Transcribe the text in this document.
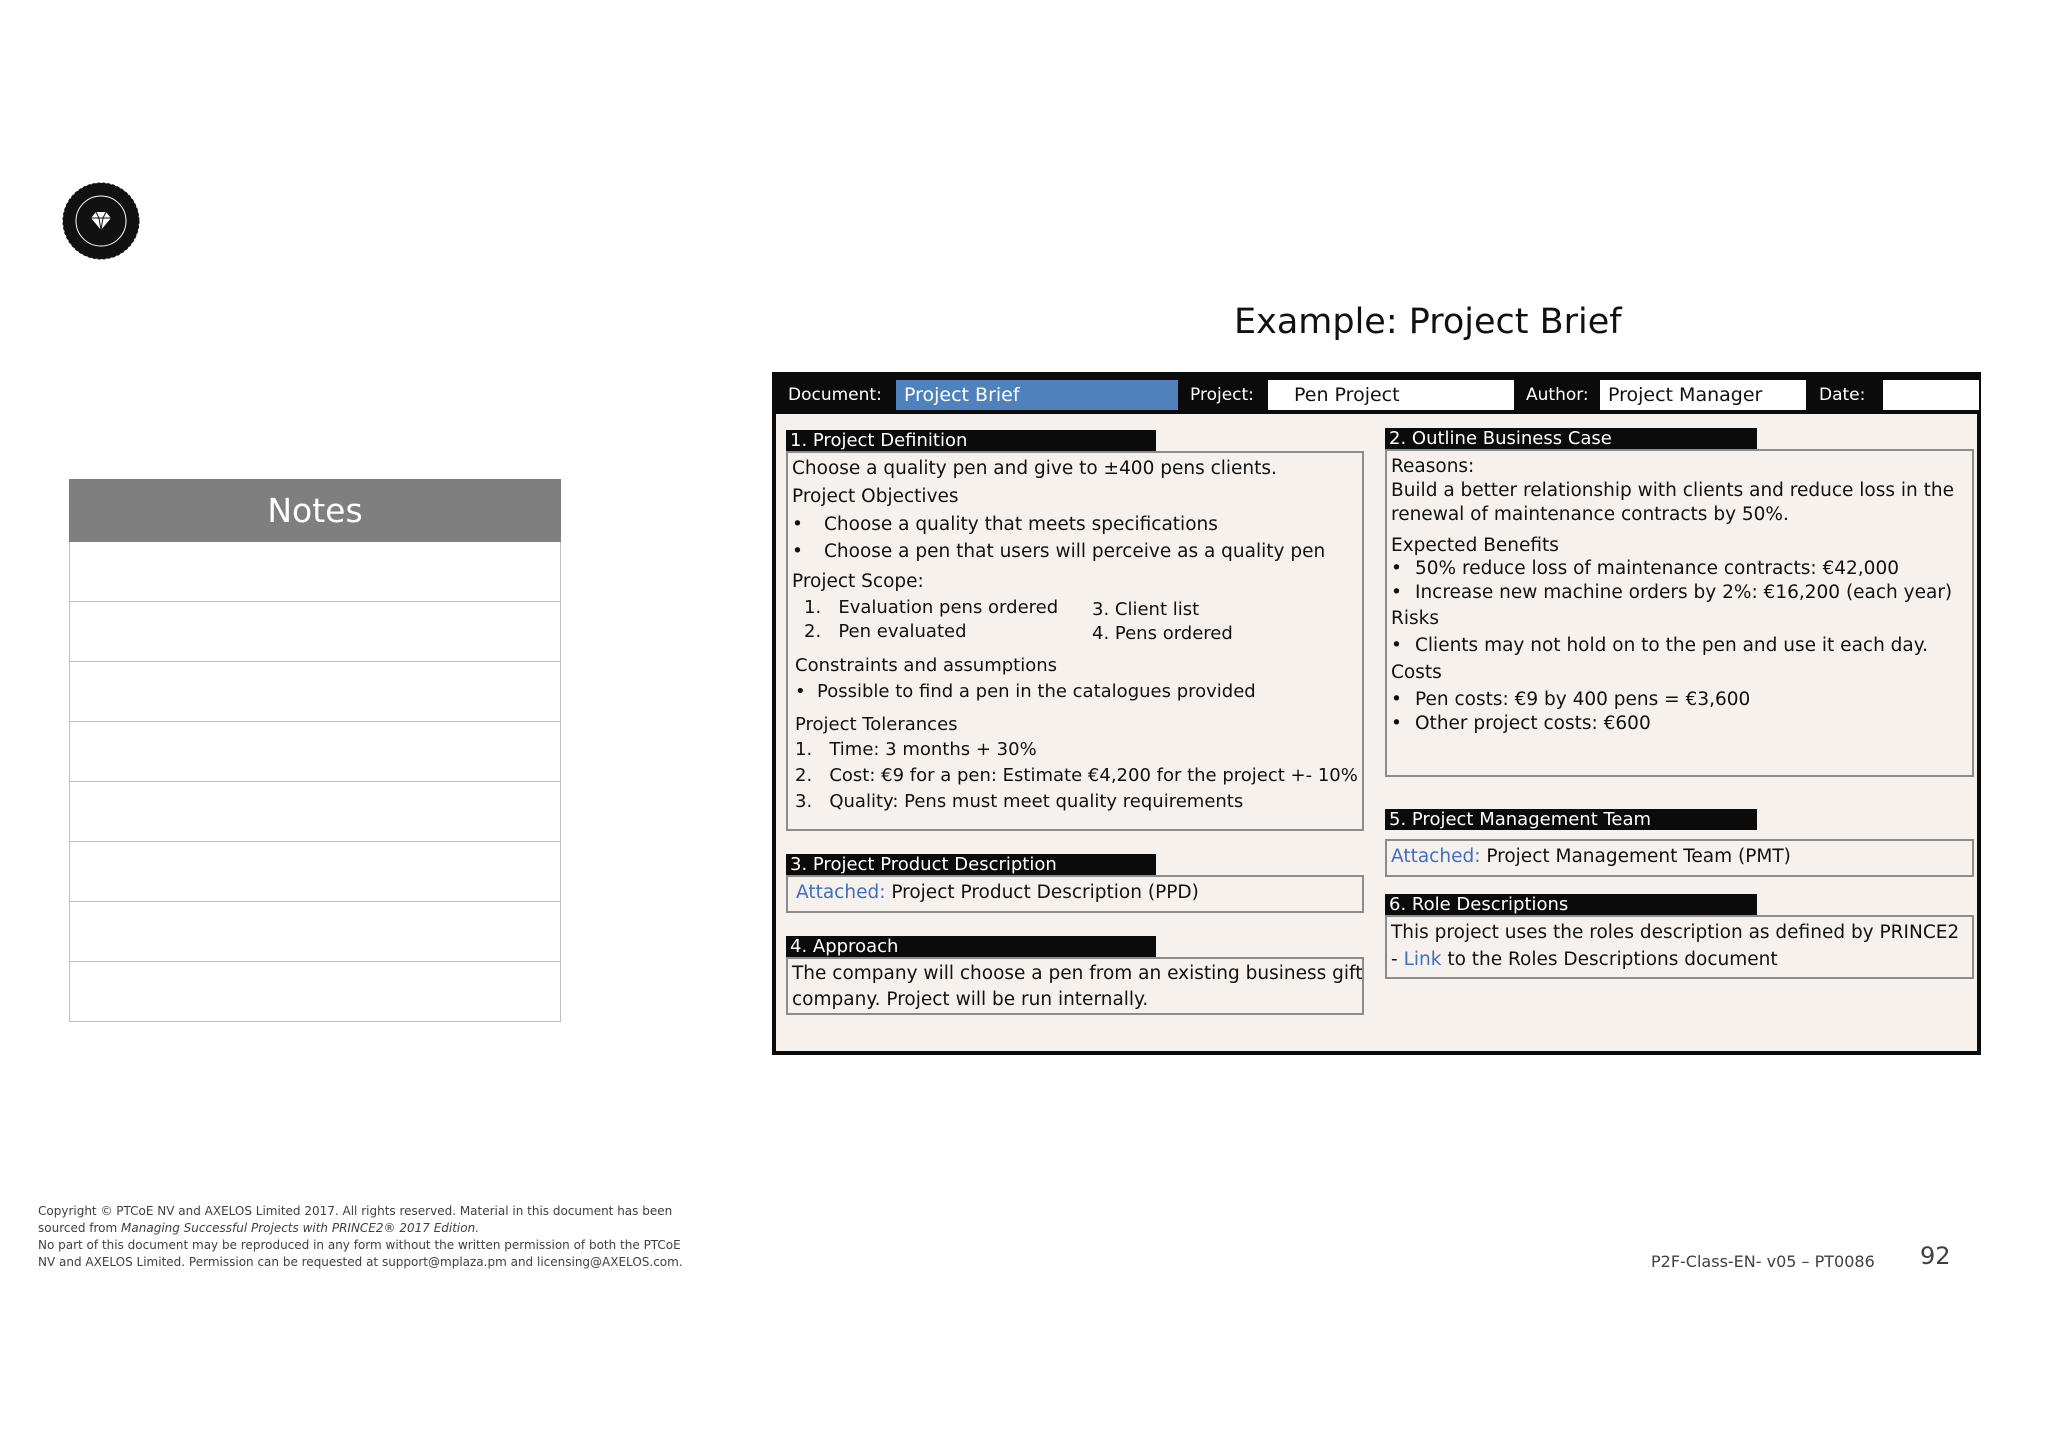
Notes
Example: Project Brief
Document:	Project Brief	Project:	Pen Project	Author:	Project Manager	Date:
1. Project Definition
Choose a quality pen and give to ±400 pens clients.
Project Objectives
•	Choose a quality that meets specifications
•	Choose a pen that users will perceive as a quality pen
Project Scope:
1.   Evaluation pens ordered
2.   Pen evaluated
3. Client list
4. Pens ordered
Constraints and assumptions
• Possible to find a pen in the catalogues provided
Project Tolerances
1.   Time: 3 months + 30%
2.   Cost: €9 for a pen: Estimate €4,200 for the project +- 10%
3.   Quality: Pens must meet quality requirements
2. Outline Business Case
Reasons:
Build a better relationship with clients and reduce loss in the
renewal of maintenance contracts by 50%.
Expected Benefits
• 50% reduce loss of maintenance contracts: €42,000
• Increase new machine orders by 2%: €16,200 (each year)
Risks
• Clients may not hold on to the pen and use it each day.
Costs
• Pen costs: €9 by 400 pens = €3,600
• Other project costs: €600
3. Project Product Description
Attached: Project Product Description (PPD)
4. Approach
The company will choose a pen from an existing business gift
company. Project will be run internally.
5. Project Management Team
Attached: Project Management Team (PMT)
6. Role Descriptions
This project uses the roles description as defined by PRINCE2
- Link to the Roles Descriptions document
Copyright © PTCoE NV and AXELOS Limited 2017. All rights reserved. Material in this document has been
sourced from Managing Successful Projects with PRINCE2® 2017 Edition.
No part of this document may be reproduced in any form without the written permission of both the PTCoE
NV and AXELOS Limited. Permission can be requested at support@mplaza.pm and licensing@AXELOS.com.	P2F-Class-EN- v05 – PT0086 92
